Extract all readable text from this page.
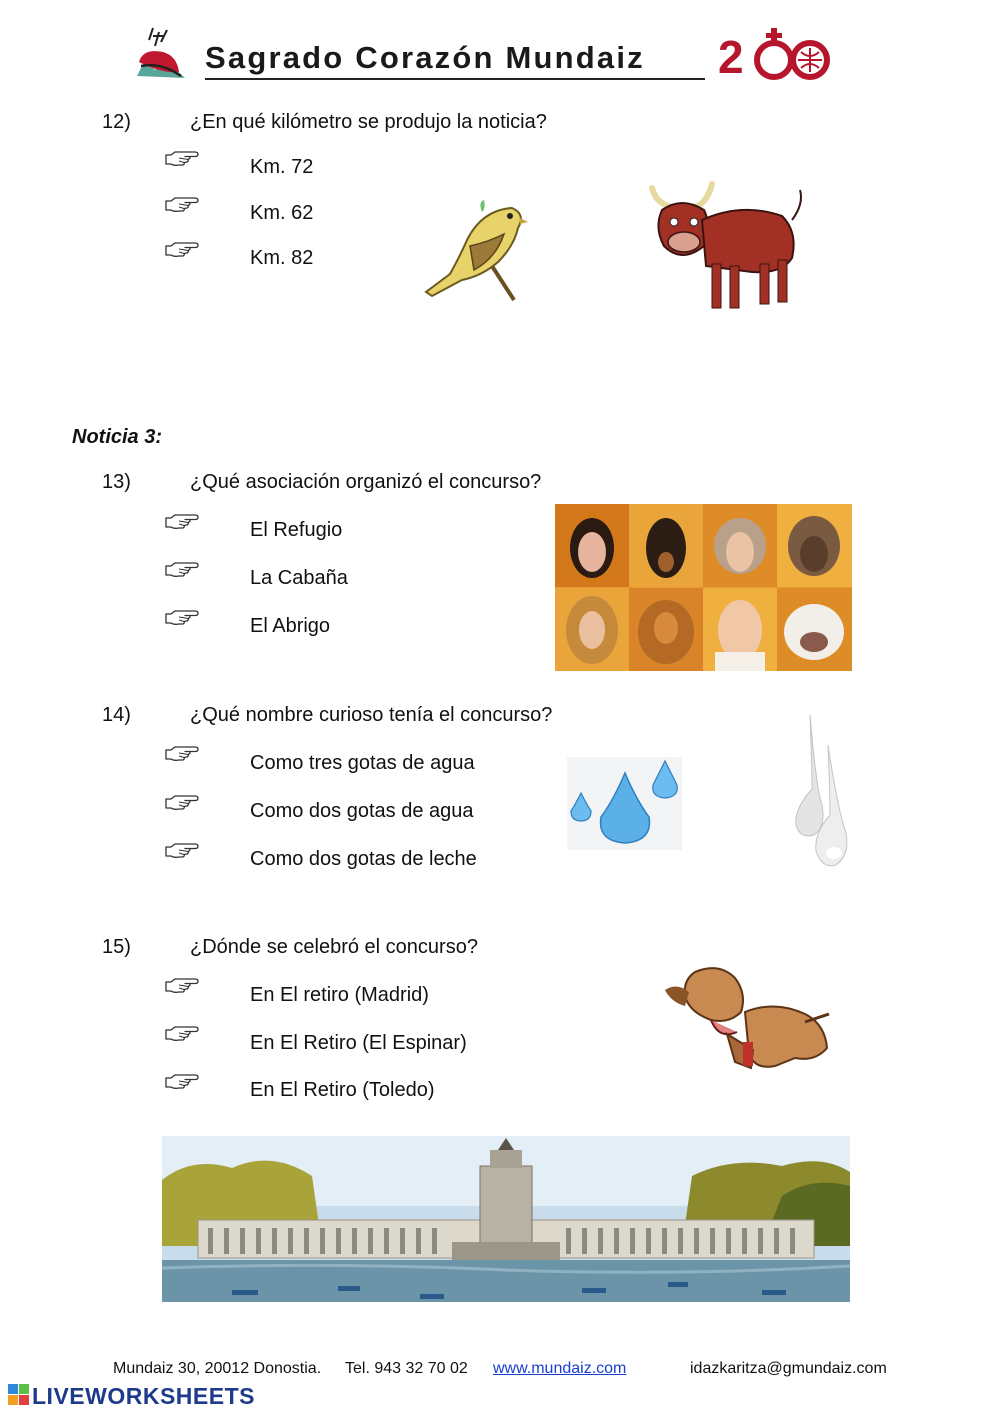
Sagrado Corazón Mundaiz 2
12)	¿En qué kilómetro se produjo la noticia?
Km. 72
Km. 62
Km. 82
Noticia 3:
13)	¿Qué asociación organizó el concurso?
El Refugio
La Cabaña
El Abrigo
14)	¿Qué nombre curioso tenía el concurso?
Como tres gotas de agua
Como dos gotas de agua
Como dos gotas de leche
15)	¿Dónde se celebró el concurso?
En El retiro (Madrid)
En El Retiro (El Espinar)
En El Retiro (Toledo)
Mundaiz 30, 20012 Donostia. Tel. 943 32 70 02 www.mundaiz.com	idazkaritza@gmundaiz.com
LIVEWORKSHEETS
